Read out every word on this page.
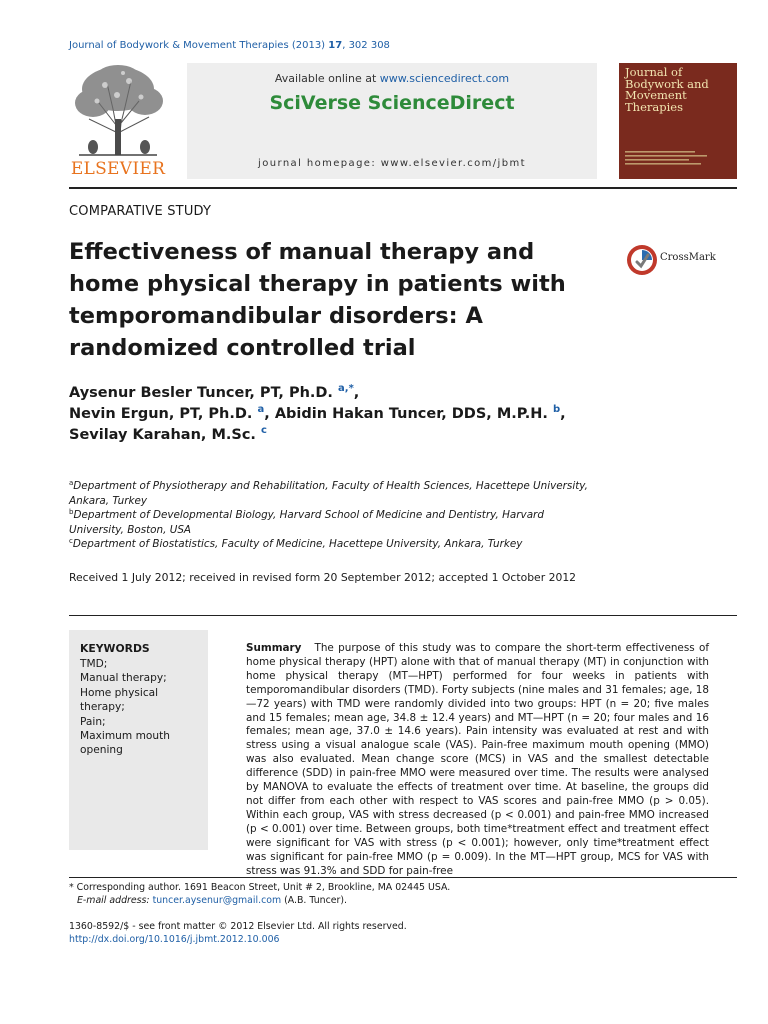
Journal of Bodywork & Movement Therapies (2013) 17, 302 308
ELSEVIER
Available online at www.sciencedirect.com
SciVerse ScienceDirect
journal homepage: www.elsevier.com/jbmt
Journal of Bodywork and Movement Therapies
COMPARATIVE STUDY
Effectiveness of manual therapy and home physical therapy in patients with temporomandibular disorders: A randomized controlled trial
CrossMark
Aysenur Besler Tuncer, PT, Ph.D. $^{a,*}$,
Nevin Ergun, PT, Ph.D. $^a$, Abidin Hakan Tuncer, DDS, M.P.H. $^b$, Sevilay Karahan, M.Sc. $^c$
$^a$Department of Physiotherapy and Rehabilitation, Faculty of Health Sciences, Hacettepe University, Ankara, Turkey
$^b$Department of Developmental Biology, Harvard School of Medicine and Dentistry, Harvard University, Boston, USA
$^c$Department of Biostatistics, Faculty of Medicine, Hacettepe University, Ankara, Turkey
Received 1 July 2012; received in revised form 20 September 2012; accepted 1 October 2012
KEYWORDS
TMD;
Manual therapy;
Home physical therapy;
Pain;
Maximum mouth opening
Summary The purpose of this study was to compare the short-term effectiveness of home physical therapy (HPT) alone with that of manual therapy (MT) in conjunction with home physical therapy (MT—HPT) performed for four weeks in patients with temporomandibular disorders (TMD). Forty subjects (nine males and 31 females; age, 18—72 years) with TMD were randomly divided into two groups: HPT (n = 20; five males and 15 females; mean age, 34.8 ± 12.4 years) and MT—HPT (n = 20; four males and 16 females; mean age, 37.0 ± 14.6 years). Pain intensity was evaluated at rest and with stress using a visual analogue scale (VAS). Pain-free maximum mouth opening (MMO) was also evaluated. Mean change score (MCS) in VAS and the smallest detectable difference (SDD) in pain-free MMO were measured over time. The results were analysed by MANOVA to evaluate the effects of treatment over time. At baseline, the groups did not differ from each other with respect to VAS scores and pain-free MMO (p > 0.05). Within each group, VAS with stress decreased (p < 0.001) and pain-free MMO increased (p < 0.001) over time. Between groups, both time*treatment effect and treatment effect were significant for VAS with stress (p < 0.001); however, only time*treatment effect was significant for pain-free MMO (p = 0.009). In the MT—HPT group, MCS for VAS with stress was 91.3% and SDD for pain-free
* Corresponding author. 1691 Beacon Street, Unit # 2, Brookline, MA 02445 USA.
E-mail address: tuncer.aysenur@gmail.com (A.B. Tuncer).
1360-8592/$ - see front matter © 2012 Elsevier Ltd. All rights reserved.
http://dx.doi.org/10.1016/j.jbmt.2012.10.006
